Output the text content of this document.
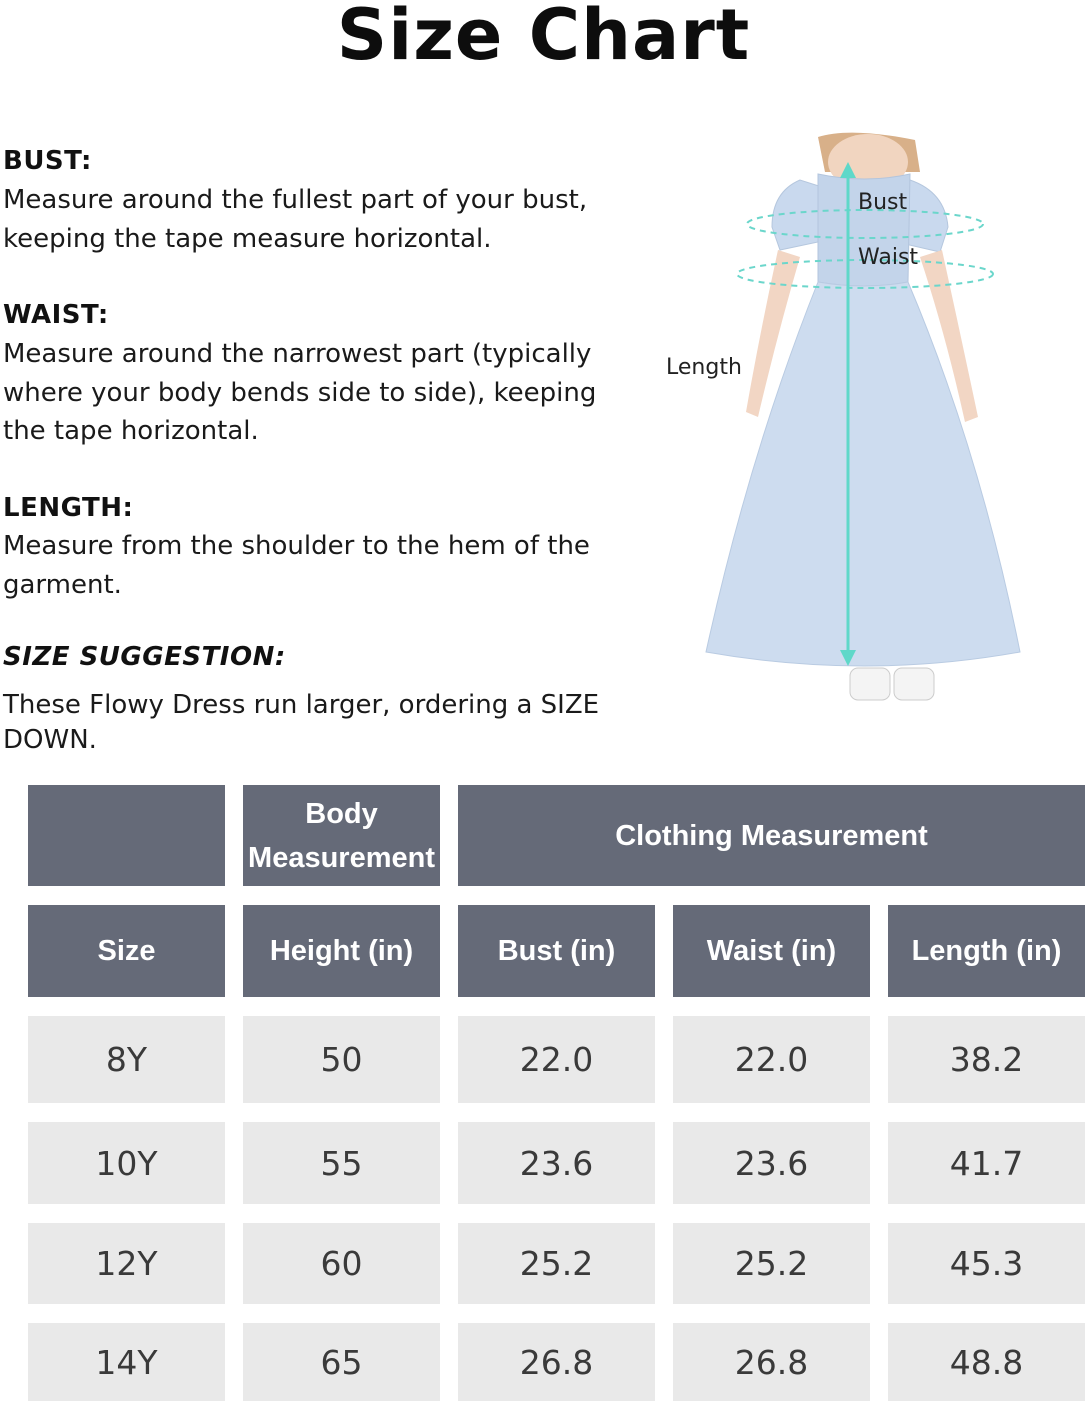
Size Chart
BUST:
Measure around the fullest part of your bust, keeping the tape measure horizontal.
WAIST:
Measure around the narrowest part (typically where your body bends side to side), keeping the tape horizontal.
LENGTH:
Measure from the shoulder to the hem of the garment.
SIZE SUGGESTION:
These Flowy Dress run larger, ordering a SIZE DOWN.
Bust
Waist
Length
Body Measurement
Clothing Measurement
Size	Height (in)	Bust (in)	Waist (in)	Length (in)
8Y	50	22.0	22.0	38.2
10Y	55	23.6	23.6	41.7
12Y	60	25.2	25.2	45.3
14Y	65	26.8	26.8	48.8
